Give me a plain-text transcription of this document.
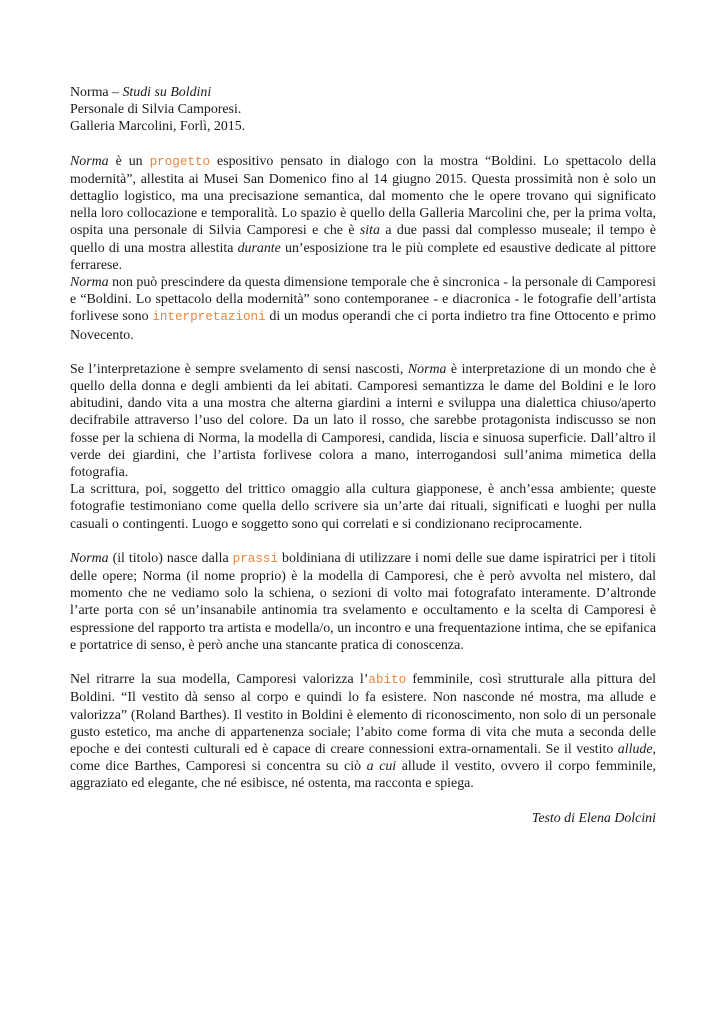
Norma – Studi su Boldini

Personale di Silvia Camporesi.

Galleria Marcolini, Forlì, 2015.

Norma è un progetto espositivo pensato in dialogo con la mostra “Boldini. Lo spettacolo della modernità”, allestita ai Musei San Domenico fino al 14 giugno 2015. Questa prossimità non è solo un dettaglio logistico, ma una precisazione semantica, dal momento che le opere trovano qui significato nella loro collocazione e temporalità. Lo spazio è quello della Galleria Marcolini che, per la prima volta, ospita una personale di Silvia Camporesi e che è sita a due passi dal complesso museale; il tempo è quello di una mostra allestita durante un’esposizione tra le più complete ed esaustive dedicate al pittore ferrarese.

Norma non può prescindere da questa dimensione temporale che è sincronica - la personale di Camporesi e “Boldini. Lo spettacolo della modernità” sono contemporanee - e diacronica - le fotografie dell’artista forlivese sono interpretazioni di un modus operandi che ci porta indietro tra fine Ottocento e primo Novecento.

Se l’interpretazione è sempre svelamento di sensi nascosti, Norma è interpretazione di un mondo che è quello della donna e degli ambienti da lei abitati. Camporesi semantizza le dame del Boldini e le loro abitudini, dando vita a una mostra che alterna giardini a interni e sviluppa una dialettica chiuso/aperto decifrabile attraverso l’uso del colore. Da un lato il rosso, che sarebbe protagonista indiscusso se non fosse per la schiena di Norma, la modella di Camporesi, candida, liscia e sinuosa superficie. Dall’altro il verde dei giardini, che l’artista forlivese colora a mano, interrogandosi sull’anima mimetica della fotografia.

La scrittura, poi, soggetto del trittico omaggio alla cultura giapponese, è anch’essa ambiente; queste fotografie testimoniano come quella dello scrivere sia un’arte dai rituali, significati e luoghi per nulla casuali o contingenti. Luogo e soggetto sono qui correlati e si condizionano reciprocamente.

Norma (il titolo) nasce dalla prassi boldiniana di utilizzare i nomi delle sue dame ispiratrici per i titoli delle opere; Norma (il nome proprio) è la modella di Camporesi, che è però avvolta nel mistero, dal momento che ne vediamo solo la schiena, o sezioni di volto mai fotografato interamente. D’altronde l’arte porta con sé un’insanabile antinomia tra svelamento e occultamento e la scelta di Camporesi è espressione del rapporto tra artista e modella/o, un incontro e una frequentazione intima, che se epifanica e portatrice di senso, è però anche una stancante pratica di conoscenza.

Nel ritrarre la sua modella, Camporesi valorizza l’abito femminile, così strutturale alla pittura del Boldini. “Il vestito dà senso al corpo e quindi lo fa esistere. Non nasconde né mostra, ma allude e valorizza” (Roland Barthes). Il vestito in Boldini è elemento di riconoscimento, non solo di un personale gusto estetico, ma anche di appartenenza sociale; l’abito come forma di vita che muta a seconda delle epoche e dei contesti culturali ed è capace di creare connessioni extra-ornamentali. Se il vestito allude, come dice Barthes, Camporesi si concentra su ciò a cui allude il vestito, ovvero il corpo femminile, aggraziato ed elegante, che né esibisce, né ostenta, ma racconta e spiega.

Testo di Elena Dolcini
